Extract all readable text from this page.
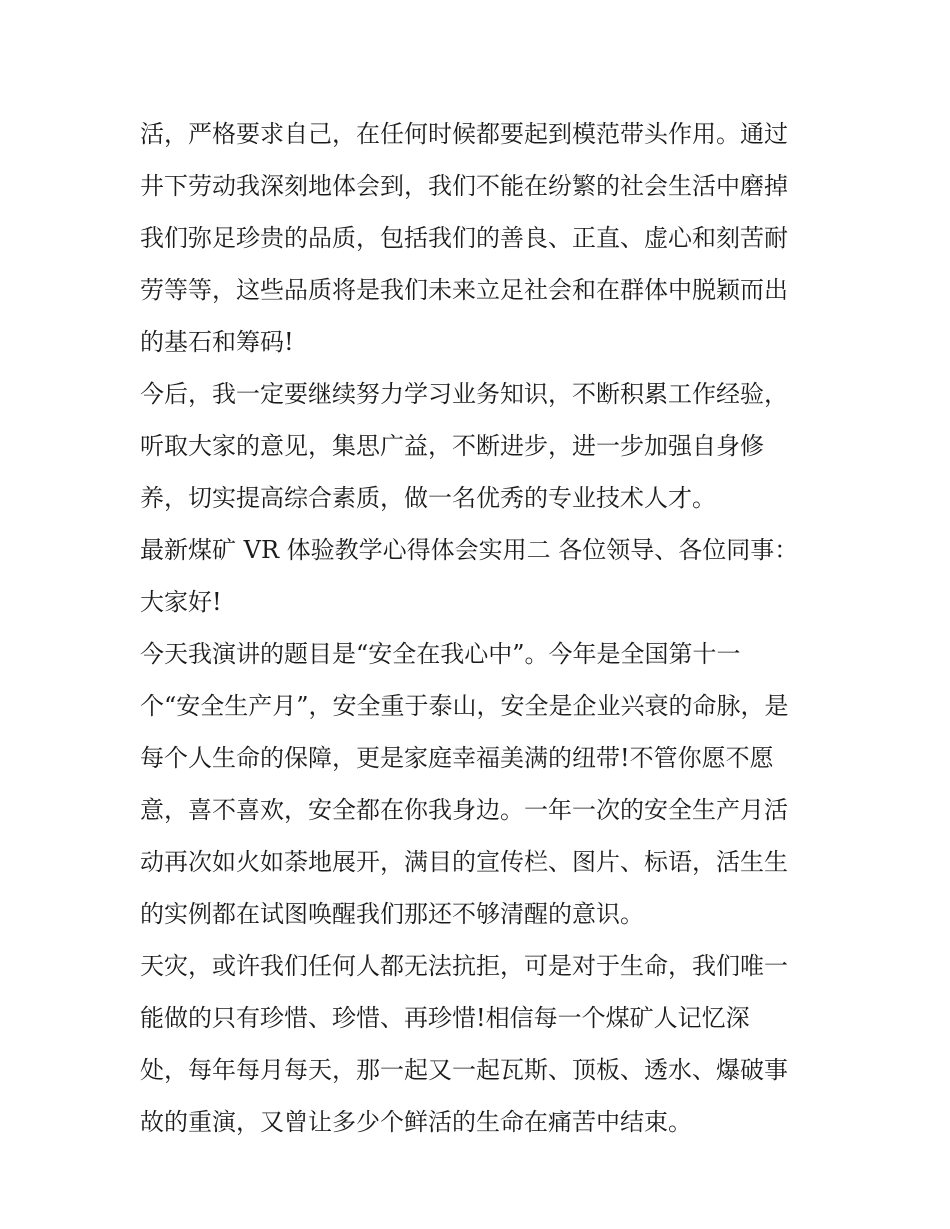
活，严格要求自己，在任何时候都要起到模范带头作用。通过
井下劳动我深刻地体会到，我们不能在纷繁的社会生活中磨掉
我们弥足珍贵的品质，包括我们的善良、正直、虚心和刻苦耐
劳等等，这些品质将是我们未来立足社会和在群体中脱颖而出
的基石和筹码!
今后，我一定要继续努力学习业务知识，不断积累工作经验，
听取大家的意见，集思广益，不断进步，进一步加强自身修
养，切实提高综合素质，做一名优秀的专业技术人才。
最新煤矿 VR 体验教学心得体会实用二 各位领导、各位同事：
大家好!
今天我演讲的题目是“安全在我心中”。今年是全国第十一
个“安全生产月”，安全重于泰山，安全是企业兴衰的命脉，是
每个人生命的保障，更是家庭幸福美满的纽带!不管你愿不愿
意，喜不喜欢，安全都在你我身边。一年一次的安全生产月活
动再次如火如荼地展开，满目的宣传栏、图片、标语，活生生
的实例都在试图唤醒我们那还不够清醒的意识。
天灾，或许我们任何人都无法抗拒，可是对于生命，我们唯一
能做的只有珍惜、珍惜、再珍惜!相信每一个煤矿人记忆深
处，每年每月每天，那一起又一起瓦斯、顶板、透水、爆破事
故的重演，又曾让多少个鲜活的生命在痛苦中结束。
